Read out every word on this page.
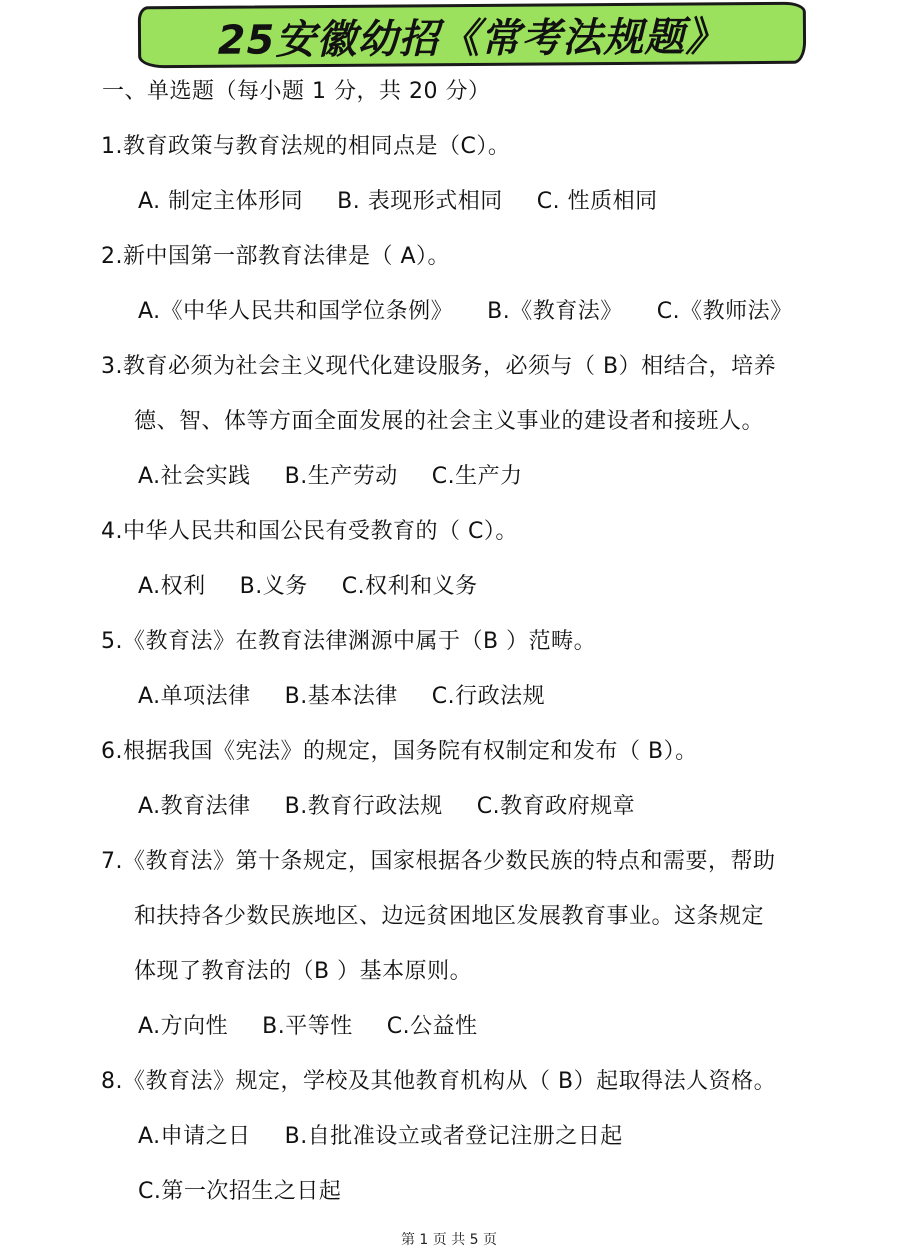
25安徽幼招《常考法规题》
一、单选题（每小题 1 分，共 20 分）
1.教育政策与教育法规的相同点是（C）。
A. 制定主体形同 B. 表现形式相同 C. 性质相同
2.新中国第一部教育法律是（ A）。
A.《中华人民共和国学位条例》 B.《教育法》 C.《教师法》
3.教育必须为社会主义现代化建设服务，必须与（ B）相结合，培养
德、智、体等方面全面发展的社会主义事业的建设者和接班人。
A.社会实践 B.生产劳动 C.生产力
4.中华人民共和国公民有受教育的（ C）。
A.权利 B.义务 C.权利和义务
5.《教育法》在教育法律渊源中属于（B ）范畴。
A.单项法律 B.基本法律 C.行政法规
6.根据我国《宪法》的规定，国务院有权制定和发布（ B）。
A.教育法律 B.教育行政法规 C.教育政府规章
7.《教育法》第十条规定，国家根据各少数民族的特点和需要，帮助
和扶持各少数民族地区、边远贫困地区发展教育事业。这条规定
体现了教育法的（B ）基本原则。
A.方向性 B.平等性 C.公益性
8.《教育法》规定，学校及其他教育机构从（ B）起取得法人资格。
A.申请之日 B.自批准设立或者登记注册之日起
C.第一次招生之日起
第 1 页 共 5 页
